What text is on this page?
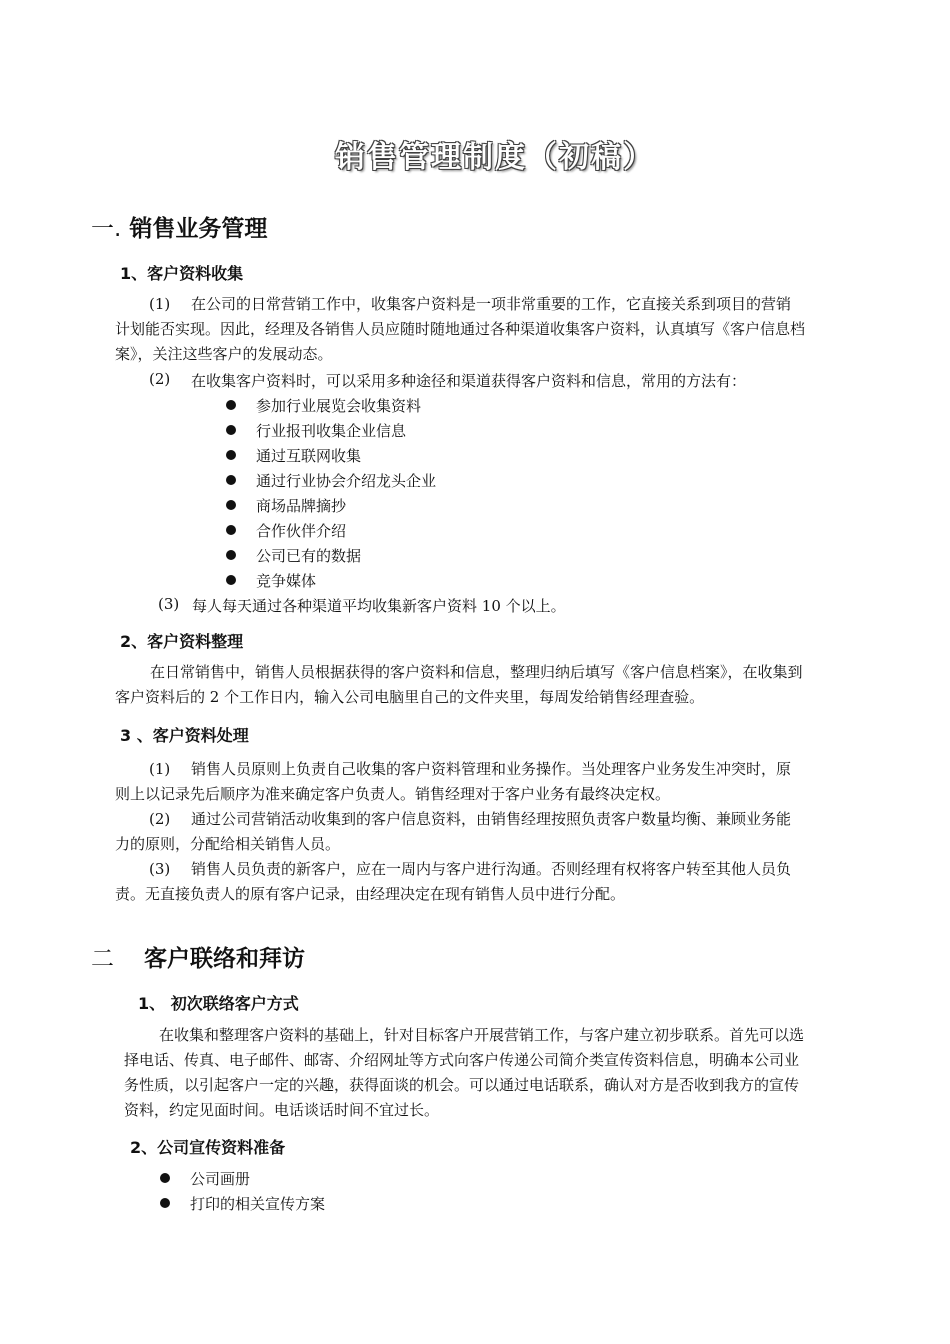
销售管理制度（初稿）
一. 销售业务管理
1、客户资料收集
(1)	在公司的日常营销工作中，收集客户资料是一项非常重要的工作，它直接关系到项目的营销
计划能否实现。因此，经理及各销售人员应随时随地通过各种渠道收集客户资料，认真填写《客户信息档
案》，关注这些客户的发展动态。
(2) 在收集客户资料时，可以采用多种途径和渠道获得客户资料和信息，常用的方法有：
参加行业展览会收集资料
行业报刊收集企业信息
通过互联网收集
通过行业协会介绍龙头企业
商场品牌摘抄
合作伙伴介绍
公司已有的数据
竞争媒体
(3) 每人每天通过各种渠道平均收集新客户资料 10 个以上。
2、客户资料整理
在日常销售中，销售人员根据获得的客户资料和信息，整理归纳后填写《客户信息档案》，在收集到
客户资料后的 2 个工作日内，输入公司电脑里自己的文件夹里，每周发给销售经理查验。
3 、客户资料处理
(1)	销售人员原则上负责自己收集的客户资料管理和业务操作。当处理客户业务发生冲突时，原
则上以记录先后顺序为准来确定客户负责人。销售经理对于客户业务有最终决定权。
(2)	通过公司营销活动收集到的客户信息资料，由销售经理按照负责客户数量均衡、兼顾业务能
力的原则，分配给相关销售人员。
(3)	销售人员负责的新客户，应在一周内与客户进行沟通。否则经理有权将客户转至其他人员负
责。无直接负责人的原有客户记录，由经理决定在现有销售人员中进行分配。
二 客户联络和拜访
1、 初次联络客户方式
在收集和整理客户资料的基础上，针对目标客户开展营销工作，与客户建立初步联系。首先可以选
择电话、传真、电子邮件、邮寄、介绍网址等方式向客户传递公司简介类宣传资料信息，明确本公司业
务性质，以引起客户一定的兴趣，获得面谈的机会。可以通过电话联系，确认对方是否收到我方的宣传
资料，约定见面时间。电话谈话时间不宜过长。
2、公司宣传资料准备
公司画册
打印的相关宣传方案
